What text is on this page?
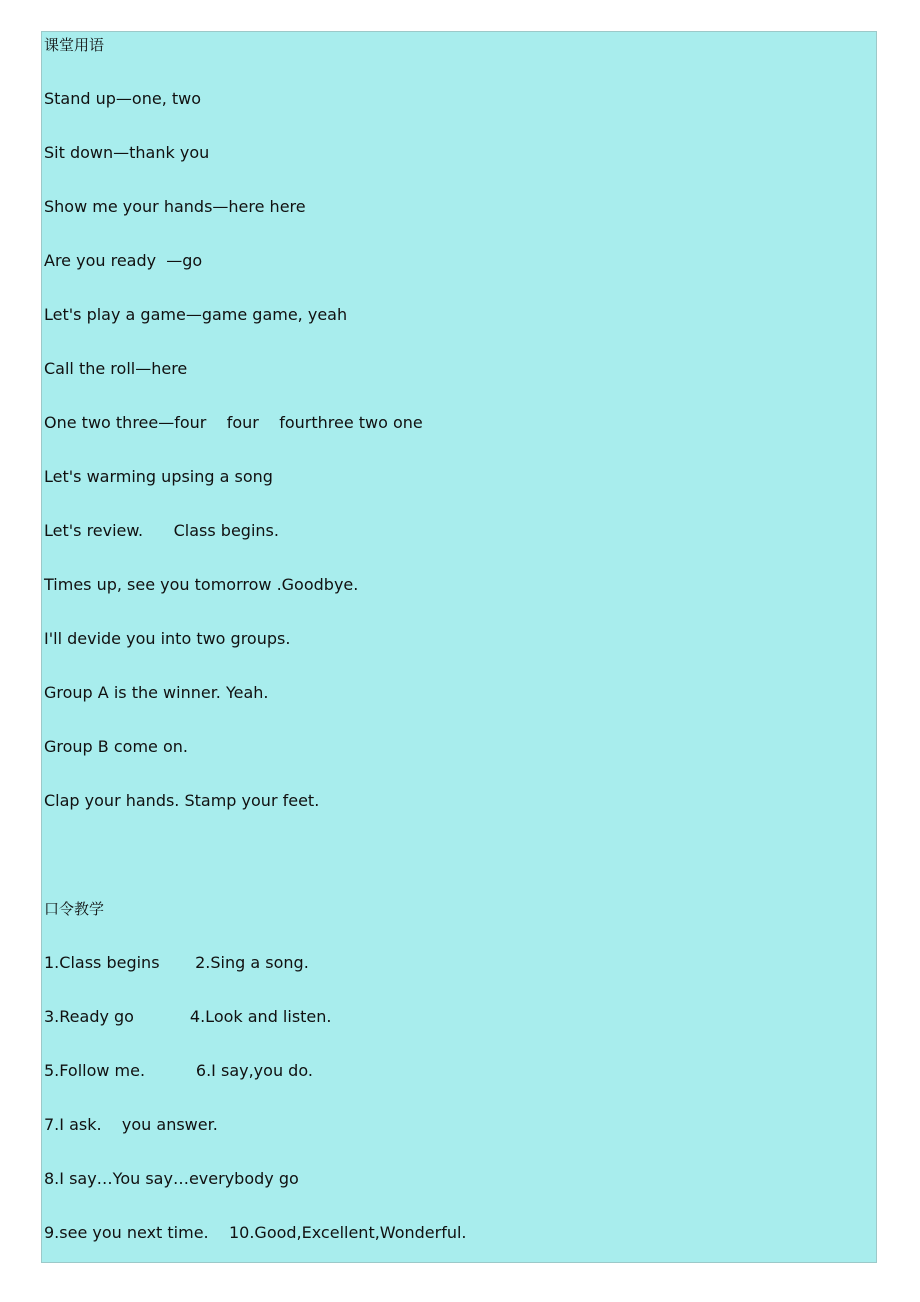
课堂用语
Stand up—one, two
Sit down—thank you
Show me your hands—here here
Are you ready  —go
Let's play a game—game game, yeah
Call the roll—here
One two three—four    four    fourthree two one
Let's warming upsing a song
Let's review.      Class begins.
Times up, see you tomorrow .Goodbye.
I'll devide you into two groups.
Group A is the winner. Yeah.
Group B come on.
Clap your hands. Stamp your feet.
口令教学
1.Class begins       2.Sing a song.
3.Ready go           4.Look and listen.
5.Follow me.          6.I say,you do.
7.I ask.    you answer.
8.I say…You say…everybody go
9.see you next time.    10.Good,Excellent,Wonderful.
